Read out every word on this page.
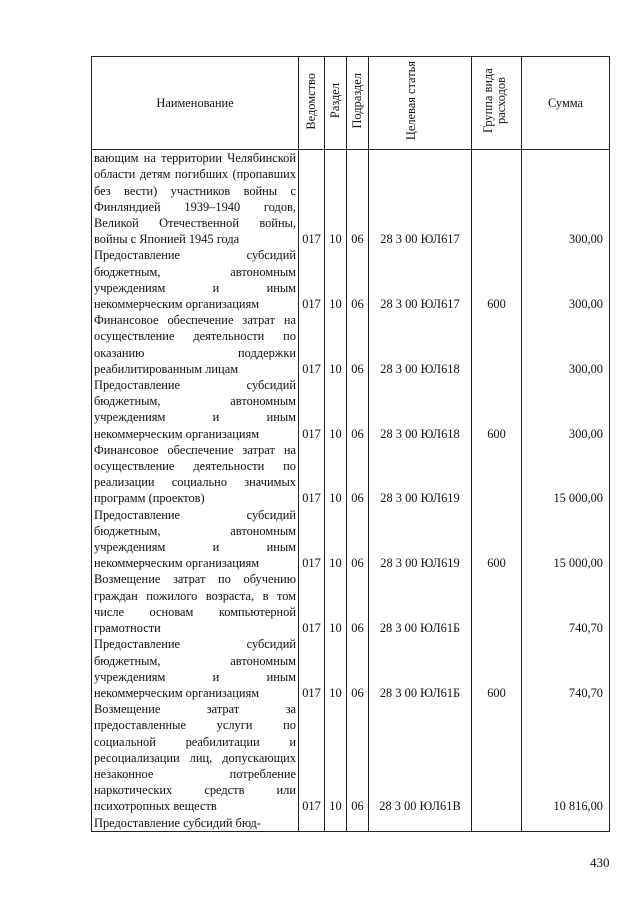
Наименование	Ведомство	Раздел	Подраздел	Целевая статья	Группа вида расходов	Сумма
вающим на территории Челябинской области детям погибших (пропавших без вести) участников войны с Финляндией 1939–1940 годов, Великой Отечественной войны, войны с Японией 1945 года	017	10	06	28 3 00 ЮЛ617		300,00
Предоставление субсидий бюджетным, автономным учреждениям и иным некоммерческим организациям	017	10	06	28 3 00 ЮЛ617	600	300,00
Финансовое обеспечение затрат на осуществление деятельности по оказанию поддержки реабилитированным лицам	017	10	06	28 3 00 ЮЛ618		300,00
Предоставление субсидий бюджетным, автономным учреждениям и иным некоммерческим организациям	017	10	06	28 3 00 ЮЛ618	600	300,00
Финансовое обеспечение затрат на осуществление деятельности по реализации социально значимых программ (проектов)	017	10	06	28 3 00 ЮЛ619		15 000,00
Предоставление субсидий бюджетным, автономным учреждениям и иным некоммерческим организациям	017	10	06	28 3 00 ЮЛ619	600	15 000,00
Возмещение затрат по обучению граждан пожилого возраста, в том числе основам компьютерной грамотности	017	10	06	28 3 00 ЮЛ61Б		740,70
Предоставление субсидий бюджетным, автономным учреждениям и иным некоммерческим организациям	017	10	06	28 3 00 ЮЛ61Б	600	740,70
Возмещение затрат за предоставленные услуги по социальной реабилитации и ресоциализации лиц, допускающих незаконное потребление наркотических средств или психотропных веществ	017	10	06	28 3 00 ЮЛ61В		10 816,00
Предоставление субсидий бюд-						
430
